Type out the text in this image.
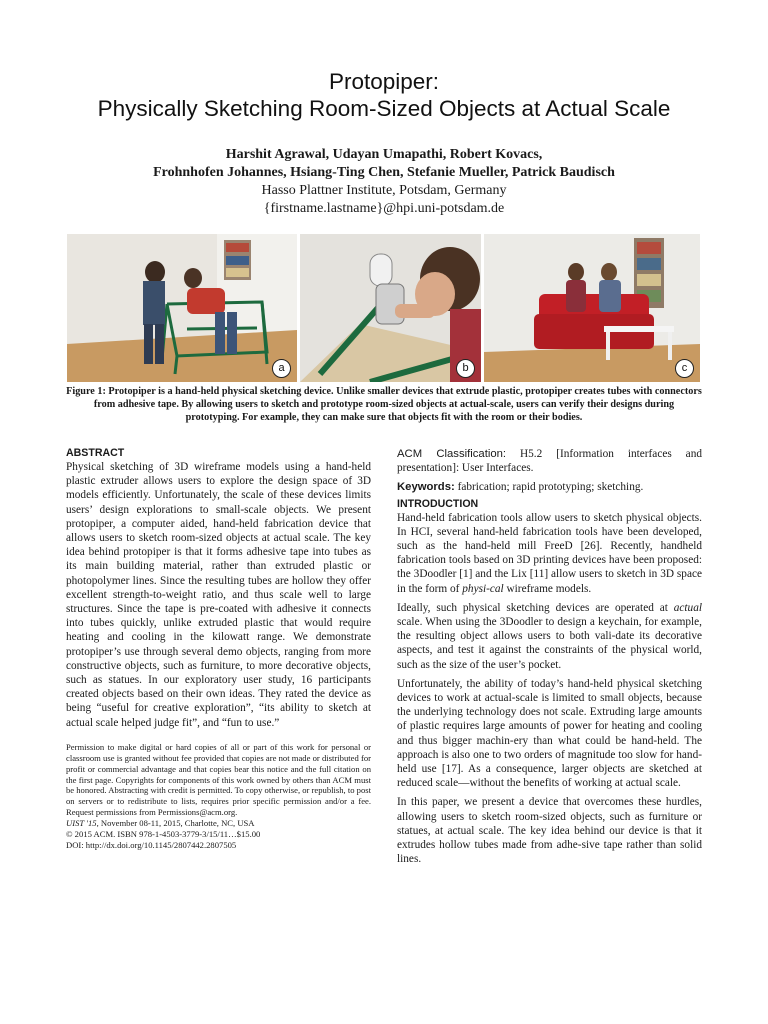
Protopiper:
Physically Sketching Room-Sized Objects at Actual Scale
Harshit Agrawal, Udayan Umapathi, Robert Kovacs,
Frohnhofen Johannes, Hsiang-Ting Chen, Stefanie Mueller, Patrick Baudisch
Hasso Plattner Institute, Potsdam, Germany
{firstname.lastname}@hpi.uni-potsdam.de
a	b	c
Figure 1: Protopiper is a hand-held physical sketching device. Unlike smaller devices that extrude plastic, protopiper creates tubes with connectors from adhesive tape. By allowing users to sketch and prototype room-sized objects at actual-scale, users can verify their designs during prototyping. For example, they can make sure that objects fit with the room or their bodies.
ABSTRACT

Physical sketching of 3D wireframe models using a hand-held plastic extruder allows users to explore the design space of 3D models efficiently. Unfortunately, the scale of these devices limits users’ design explorations to small-scale objects. We present protopiper, a computer aided, hand-held fabrication device that allows users to sketch room-sized objects at actual scale. The key idea behind protopiper is that it forms adhesive tape into tubes as its main building material, rather than extruded plastic or photopolymer lines. Since the resulting tubes are hollow they offer excellent strength-to-weight ratio, and thus scale well to large structures. Since the tape is pre-coated with adhesive it connects into tubes quickly, unlike extruded plastic that would require heating and cooling in the kilowatt range. We demonstrate protopiper’s use through several demo objects, ranging from more constructive objects, such as furniture, to more decorative objects, such as statues. In our exploratory user study, 16 participants created objects based on their own ideas. They rated the device as being “useful for creative exploration”, “its ability to sketch at actual scale helped judge fit”, and “fun to use.”

Permission to make digital or hard copies of all or part of this work for personal or classroom use is granted without fee provided that copies are not made or distributed for profit or commercial advantage and that copies bear this notice and the full citation on the first page. Copyrights for components of this work owned by others than ACM must be honored. Abstracting with credit is permitted. To copy otherwise, or republish, to post on servers or to redistribute to lists, requires prior specific permission and/or a fee. Request permissions from Permissions@acm.org.

UIST '15, November 08-11, 2015, Charlotte, NC, USA

© 2015 ACM. ISBN 978-1-4503-3779-3/15/11…$15.00

DOI: http://dx.doi.org/10.1145/2807442.2807505

ACM Classification: H5.2 [Information interfaces and presentation]: User Interfaces.

Keywords: fabrication; rapid prototyping; sketching.

INTRODUCTION

Hand-held fabrication tools allow users to sketch physical objects. In HCI, several hand-held fabrication tools have been developed, such as the hand-held mill FreeD [26]. Recently, handheld fabrication tools based on 3D printing devices have been proposed: the 3Doodler [1] and the Lix [11] allow users to sketch in 3D space in the form of physi-cal wireframe models.

Ideally, such physical sketching devices are operated at actual scale. When using the 3Doodler to design a keychain, for example, the resulting object allows users to both vali-date its decorative aspects, and test it against the constraints of the physical world, such as the size of the user’s pocket.

Unfortunately, the ability of today’s hand-held physical sketching devices to work at actual-scale is limited to small objects, because the underlying technology does not scale. Extruding large amounts of plastic requires large amounts of power for heating and cooling and thus bigger machin-ery than what could be hand-held. The approach is also one to two orders of magnitude too slow for hand-held use [17]. As a consequence, larger objects are sketched at reduced scale—without the benefits of working at actual scale.

In this paper, we present a device that overcomes these hurdles, allowing users to sketch room-sized objects, such as furniture or statues, at actual scale. The key idea behind our device is that it extrudes hollow tubes made from adhe-sive tape rather than solid lines.
